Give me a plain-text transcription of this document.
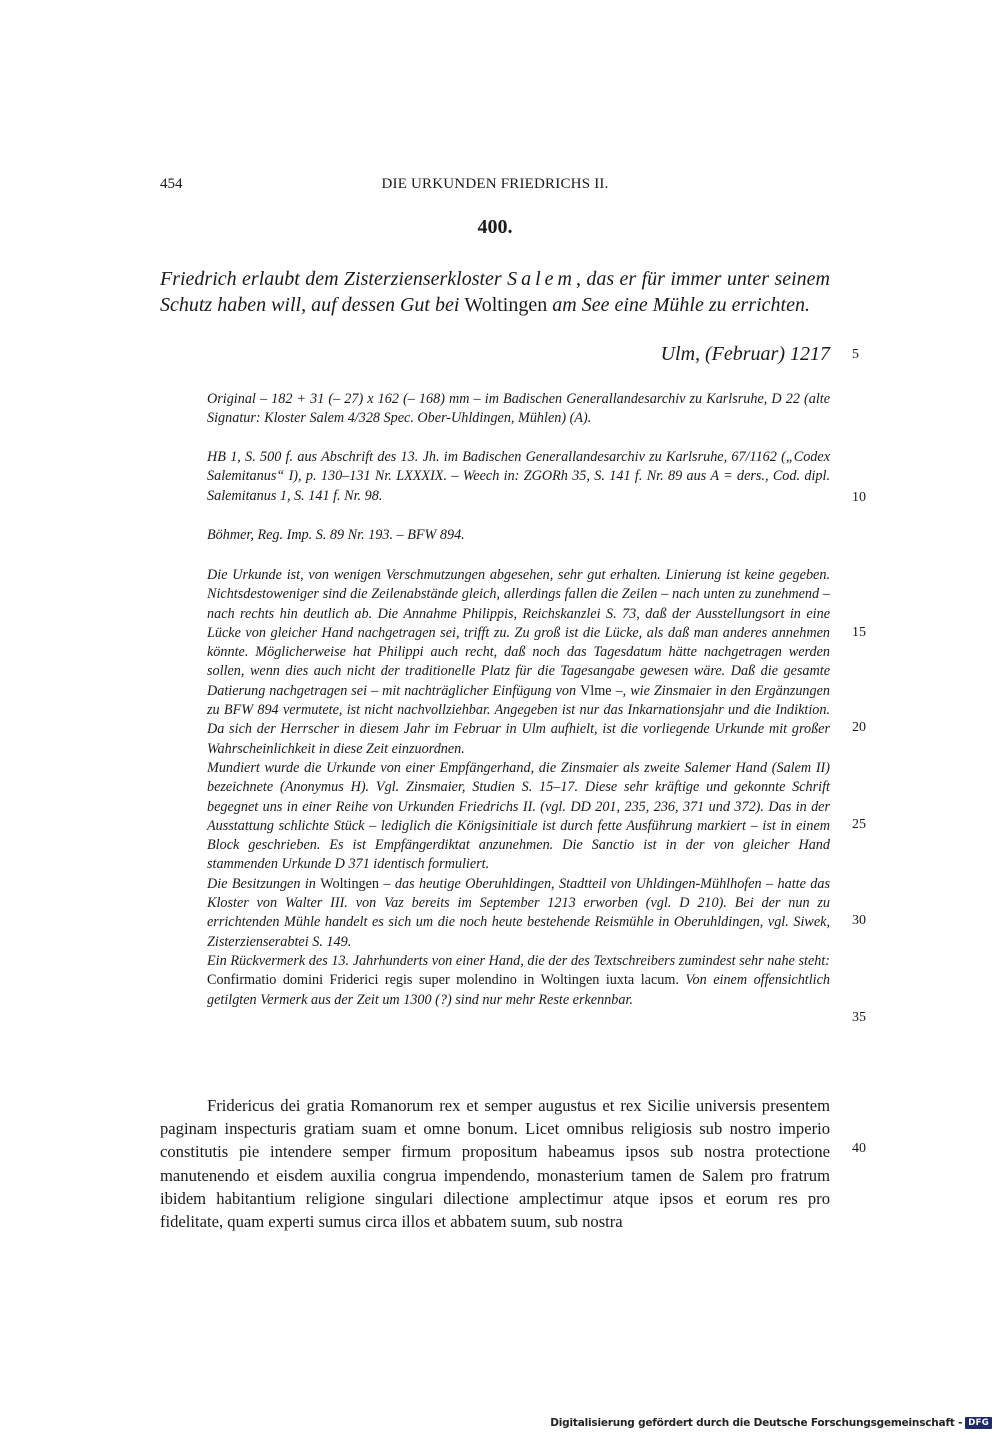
454	DIE URKUNDEN FRIEDRICHS II.
400.
Friedrich erlaubt dem Zisterzienserkloster Salem, das er für immer unter seinem Schutz haben will, auf dessen Gut bei Woltingen am See eine Mühle zu errichten.
Ulm, (Februar) 1217

Original – 182 + 31 (– 27) x 162 (– 168) mm – im Badischen Generallandesarchiv zu Karlsruhe, D 22 (alte Signatur: Kloster Salem 4/328 Spec. Ober-Uhldingen, Mühlen) (A).

HB 1, S. 500 f. aus Abschrift des 13. Jh. im Badischen Generallandesarchiv zu Karlsruhe, 67/1162 („Codex Salemitanus“ I), p. 130–131 Nr. LXXXIX. – Weech in: ZGORh 35, S. 141 f. Nr. 89 aus A = ders., Cod. dipl. Salemitanus 1, S. 141 f. Nr. 98.

Böhmer, Reg. Imp. S. 89 Nr. 193. – BFW 894.

Die Urkunde ist, von wenigen Verschmutzungen abgesehen, sehr gut erhalten. Linierung ist keine gegeben. Nichtsdestoweniger sind die Zeilenabstände gleich, allerdings fallen die Zeilen – nach unten zu zunehmend – nach rechts hin deutlich ab. Die Annahme Philippis, Reichskanzlei S. 73, daß der Ausstellungsort in eine Lücke von gleicher Hand nachgetragen sei, trifft zu. Zu groß ist die Lücke, als daß man anderes annehmen könnte. Möglicherweise hat Philippi auch recht, daß noch das Tagesdatum hätte nachgetragen werden sollen, wenn dies auch nicht der traditionelle Platz für die Tagesangabe gewesen wäre. Daß die gesamte Datierung nachgetragen sei – mit nachträglicher Einfügung von Vlme –, wie Zinsmaier in den Ergänzungen zu BFW 894 vermutete, ist nicht nachvollziehbar. Angegeben ist nur das Inkarnationsjahr und die Indiktion. Da sich der Herrscher in diesem Jahr im Februar in Ulm aufhielt, ist die vorliegende Urkunde mit großer Wahrscheinlichkeit in diese Zeit einzuordnen.

Mundiert wurde die Urkunde von einer Empfängerhand, die Zinsmaier als zweite Salemer Hand (Salem II) bezeichnete (Anonymus H). Vgl. Zinsmaier, Studien S. 15–17. Diese sehr kräftige und gekonnte Schrift begegnet uns in einer Reihe von Urkunden Friedrichs II. (vgl. DD 201, 235, 236, 371 und 372). Das in der Ausstattung schlichte Stück – lediglich die Königsinitiale ist durch fette Ausführung markiert – ist in einem Block geschrieben. Es ist Empfängerdiktat anzunehmen. Die Sanctio ist in der von gleicher Hand stammenden Urkunde D 371 identisch formuliert.

Die Besitzungen in Woltingen – das heutige Oberuhldingen, Stadtteil von Uhldingen-Mühlhofen – hatte das Kloster von Walter III. von Vaz bereits im September 1213 erworben (vgl. D 210). Bei der nun zu errichtenden Mühle handelt es sich um die noch heute bestehende Reismühle in Oberuhldingen, vgl. Siwek, Zisterzienserabtei S. 149.

Ein Rückvermerk des 13. Jahrhunderts von einer Hand, die der des Textschreibers zumindest sehr nahe steht: Confirmatio domini Friderici regis super molendino in Woltingen iuxta lacum. Von einem offensichtlich getilgten Vermerk aus der Zeit um 1300 (?) sind nur mehr Reste erkennbar.

Fridericus dei gratia Romanorum rex et semper augustus et rex Sicilie universis presentem paginam inspecturis gratiam suam et omne bonum. Licet omnibus religiosis sub nostro imperio constitutis pie intendere semper firmum propositum habeamus ipsos sub nostra protectione manutenendo et eisdem auxilia congrua impendendo, monasterium tamen de Salem pro fratrum ibidem habitantium religione singulari dilectione amplectimur atque ipsos et eorum res pro fidelitate, quam experti sumus circa illos et abbatem suum, sub nostra

5
10
15
20
25
30
35
40
Digitalisierung gefördert durch die Deutsche Forschungsgemeinschaft - DFG
